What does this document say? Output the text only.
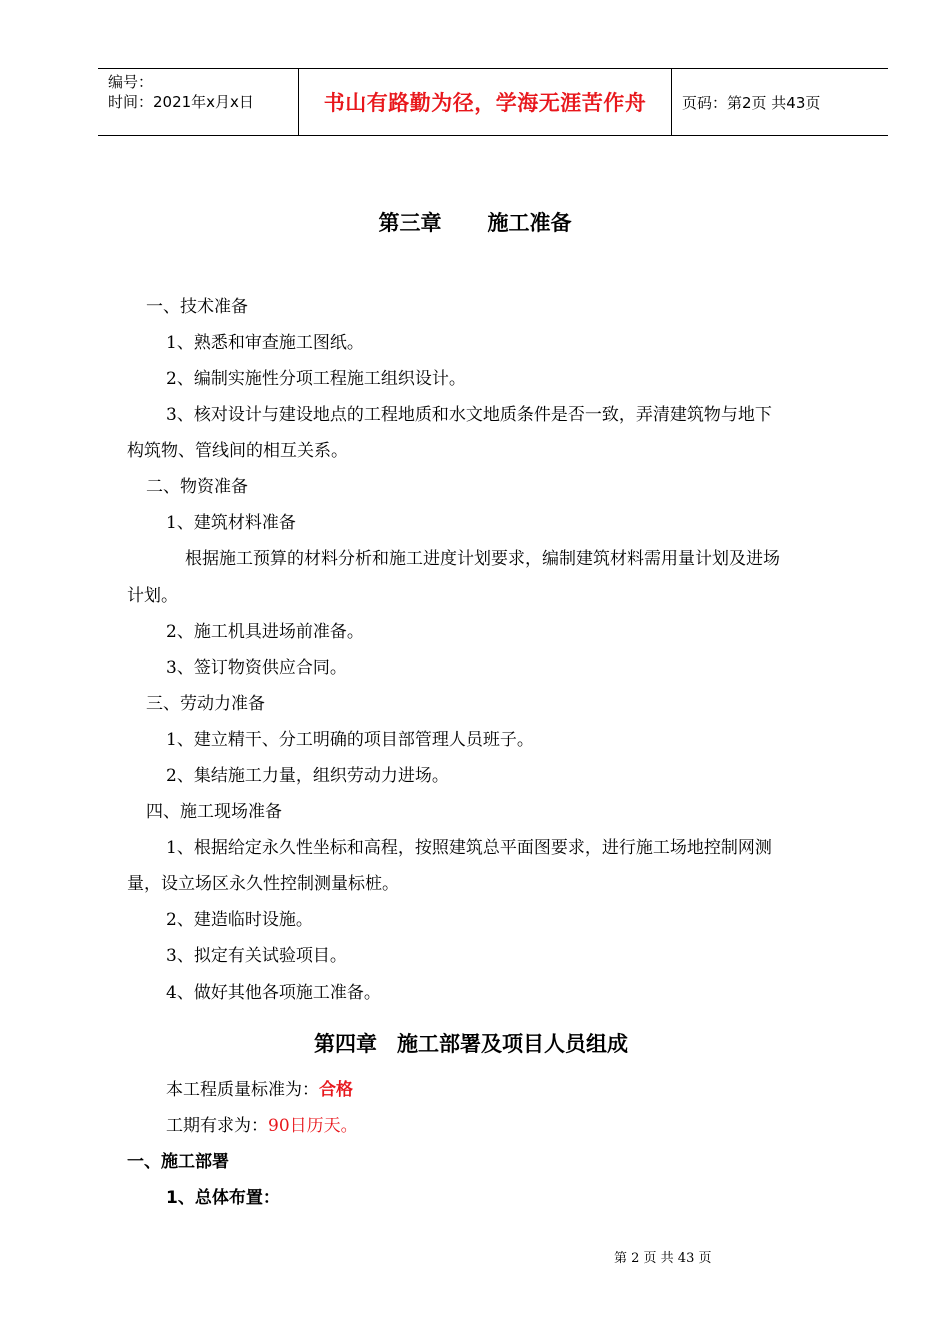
编号：
时间：2021年x月x日	书山有路勤为径，学海无涯苦作舟 页码：第2页 共43页
第三章 施工准备
一、技术准备
1、熟悉和审查施工图纸。
2、编制实施性分项工程施工组织设计。
3、核对设计与建设地点的工程地质和水文地质条件是否一致，弄清建筑物与地下
构筑物、管线间的相互关系。
二、物资准备
1、建筑材料准备
根据施工预算的材料分析和施工进度计划要求，编制建筑材料需用量计划及进场
计划。
2、施工机具进场前准备。
3、签订物资供应合同。
三、劳动力准备
1、建立精干、分工明确的项目部管理人员班子。
2、集结施工力量，组织劳动力进场。
四、施工现场准备
1、根据给定永久性坐标和高程，按照建筑总平面图要求，进行施工场地控制网测
量，设立场区永久性控制测量标桩。
2、建造临时设施。
3、拟定有关试验项目。
4、做好其他各项施工准备。
第四章 施工部署及项目人员组成
本工程质量标准为：合格
工期有求为：90日历天。
一、施工部署
1、总体布置：
第 2 页 共 43 页
